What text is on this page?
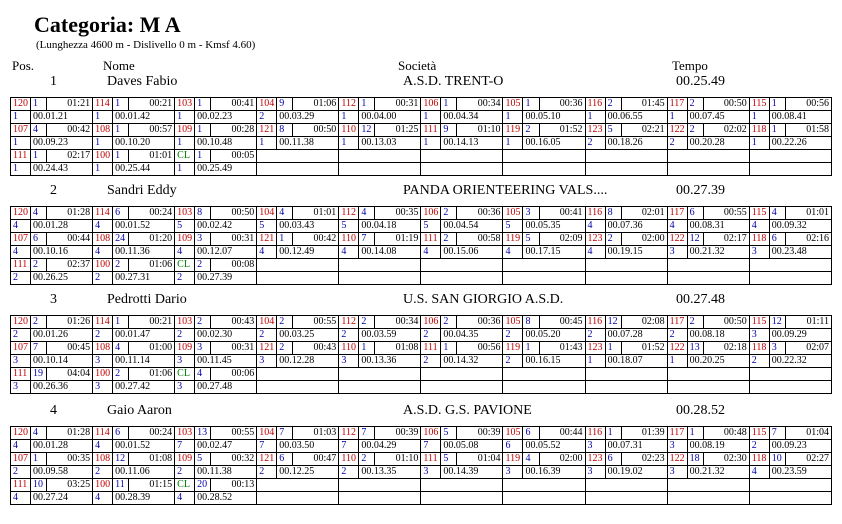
Categoria: M A
(Lunghezza 4600 m - Dislivello 0 m - Kmsf 4.60)
Pos.	Nome	Società	Tempo
1	Daves Fabio	A.S.D. TRENT-O	00.25.49
120	1	01:21	114	1	00:21	103	1	00:41	104	9	01:06	112	1	00:31	106	1	00:34	105	1	00:36	116	2	01:45	117	2	00:50	115	1	00:56
1	00.01.21		1	00.01.42		1	00.02.23		2	00.03.29		1	00.04.00		1	00.04.34		1	00.05.10		1	00.06.55		1	00.07.45		1	00.08.41	
107	4	00:42	108	1	00:57	109	1	00:28	121	8	00:50	110	12	01:25	111	9	01:10	119	2	01:52	123	5	02:21	122	2	02:02	118	1	01:58
1	00.09.23		1	00.10.20		1	00.10.48		1	00.11.38		1	00.13.03		1	00.14.13		1	00.16.05		2	00.18.26		2	00.20.28		1	00.22.26	
111	1	02:17	100	1	01:01	CL	1	00:05																					
1	00.24.43		1	00.25.44		1	00.25.49																						
2	Sandri Eddy	PANDA ORIENTEERING VALS....	00.27.39
120	4	01:28	114	6	00:24	103	8	00:50	104	4	01:01	112	4	00:35	106	2	00:36	105	3	00:41	116	8	02:01	117	6	00:55	115	4	01:01
4	00.01.28		4	00.01.52		5	00.02.42		5	00.03.43		5	00.04.18		5	00.04.54		5	00.05.35		4	00.07.36		4	00.08.31		4	00.09.32	
107	6	00:44	108	24	01:20	109	3	00:31	121	1	00:42	110	7	01:19	111	2	00:58	119	5	02:09	123	2	02:00	122	12	02:17	118	6	02:16
4	00.10.16		4	00.11.36		4	00.12.07		4	00.12.49		4	00.14.08		4	00.15.06		4	00.17.15		4	00.19.15		3	00.21.32		3	00.23.48	
111	2	02:37	100	2	01:06	CL	2	00:08																					
2	00.26.25		2	00.27.31		2	00.27.39																						
3	Pedrotti Dario	U.S. SAN GIORGIO A.S.D.	00.27.48
120	2	01:26	114	1	00:21	103	2	00:43	104	2	00:55	112	2	00:34	106	2	00:36	105	8	00:45	116	12	02:08	117	2	00:50	115	12	01:11
2	00.01.26		2	00.01.47		2	00.02.30		2	00.03.25		2	00.03.59		2	00.04.35		2	00.05.20		2	00.07.28		2	00.08.18		3	00.09.29	
107	7	00:45	108	4	01:00	109	3	00:31	121	2	00:43	110	1	01:08	111	1	00:56	119	1	01:43	123	1	01:52	122	13	02:18	118	3	02:07
3	00.10.14		3	00.11.14		3	00.11.45		3	00.12.28		3	00.13.36		2	00.14.32		2	00.16.15		1	00.18.07		1	00.20.25		2	00.22.32	
111	19	04:04	100	2	01:06	CL	4	00:06																					
3	00.26.36		3	00.27.42		3	00.27.48																						
4	Gaio Aaron	A.S.D. G.S. PAVIONE	00.28.52
120	4	01:28	114	6	00:24	103	13	00:55	104	7	01:03	112	7	00:39	106	5	00:39	105	6	00:44	116	1	01:39	117	1	00:48	115	7	01:04
4	00.01.28		4	00.01.52		7	00.02.47		7	00.03.50		7	00.04.29		7	00.05.08		6	00.05.52		3	00.07.31		3	00.08.19		2	00.09.23	
107	1	00:35	108	12	01:08	109	5	00:32	121	6	00:47	110	2	01:10	111	5	01:04	119	4	02:00	123	6	02:23	122	18	02:30	118	10	02:27
2	00.09.58		2	00.11.06		2	00.11.38		2	00.12.25		2	00.13.35		3	00.14.39		3	00.16.39		3	00.19.02		3	00.21.32		4	00.23.59	
111	10	03:25	100	11	01:15	CL	20	00:13																					
4	00.27.24		4	00.28.39		4	00.28.52																						
